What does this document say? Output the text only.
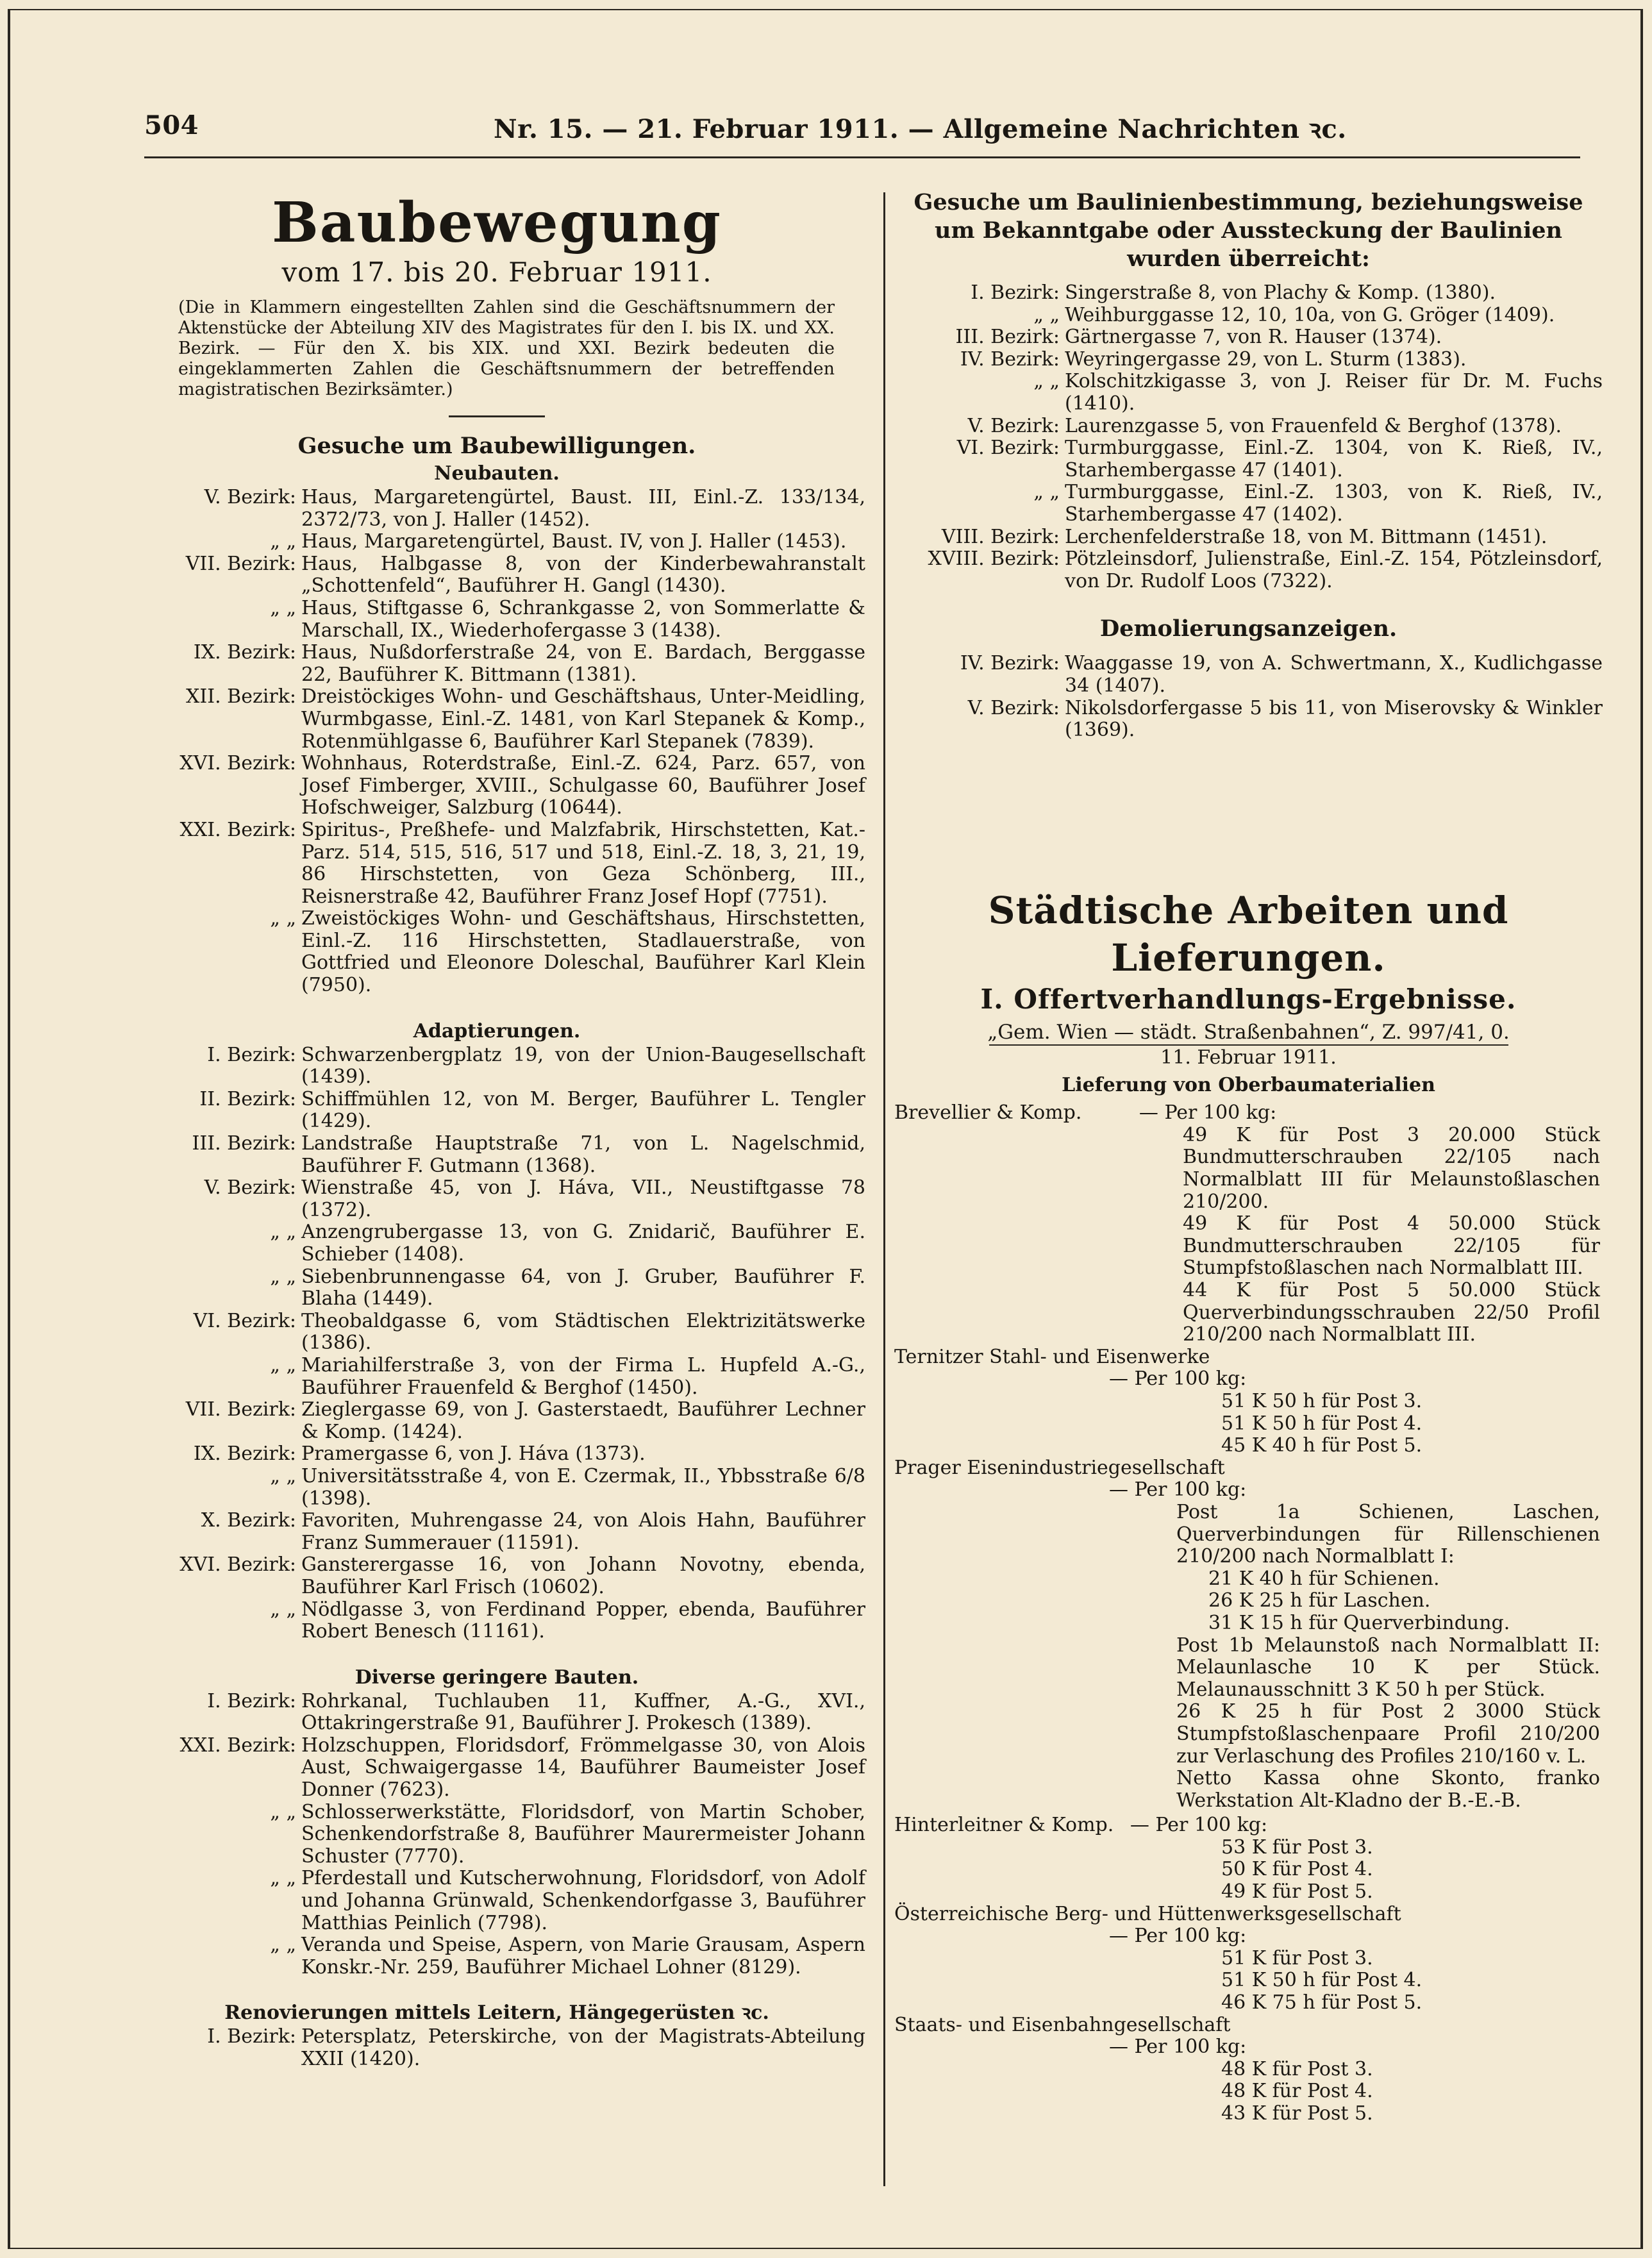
504	Nr. 15. — 21. Februar 1911. — Allgemeine Nachrichten ꝛc.
Baubewegung
vom 17. bis 20. Februar 1911.
(Die in Klammern eingestellten Zahlen sind die Geschäftsnummern der Aktenstücke der Abteilung XIV des Magistrates für den I. bis IX. und XX. Bezirk. — Für den X. bis XIX. und XXI. Bezirk bedeuten die eingeklammerten Zahlen die Geschäftsnummern der betreffenden magistratischen Bezirksämter.)
Gesuche um Baubewilligungen.
Neubauten.
V. Bezirk: Haus, Margaretengürtel, Baust. III, Einl.-Z. 133/134, 2372/73, von J. Haller (1452).
„ „ Haus, Margaretengürtel, Baust. IV, von J. Haller (1453).
VII. Bezirk: Haus, Halbgasse 8, von der Kinderbewahranstalt „Schottenfeld“, Bauführer H. Gangl (1430).
„ „ Haus, Stiftgasse 6, Schrankgasse 2, von Sommerlatte & Marschall, IX., Wiederhofergasse 3 (1438).
IX. Bezirk: Haus, Nußdorferstraße 24, von E. Bardach, Berggasse 22, Bauführer K. Bittmann (1381).
XII. Bezirk: Dreistöckiges Wohn- und Geschäftshaus, Unter-Meidling, Wurmbgasse, Einl.-Z. 1481, von Karl Stepanek & Komp., Rotenmühlgasse 6, Bauführer Karl Stepanek (7839).
XVI. Bezirk: Wohnhaus, Roterdstraße, Einl.-Z. 624, Parz. 657, von Josef Fimberger, XVIII., Schulgasse 60, Bauführer Josef Hofschweiger, Salzburg (10644).
XXI. Bezirk: Spiritus-, Preßhefe- und Malzfabrik, Hirschstetten, Kat.-Parz. 514, 515, 516, 517 und 518, Einl.-Z. 18, 3, 21, 19, 86 Hirschstetten, von Geza Schönberg, III., Reisnerstraße 42, Bauführer Franz Josef Hopf (7751).
„ „ Zweistöckiges Wohn- und Geschäftshaus, Hirschstetten, Einl.-Z. 116 Hirschstetten, Stadlauerstraße, von Gottfried und Eleonore Doleschal, Bauführer Karl Klein (7950).
Adaptierungen.
I. Bezirk: Schwarzenbergplatz 19, von der Union-Baugesellschaft (1439).
II. Bezirk: Schiffmühlen 12, von M. Berger, Bauführer L. Tengler (1429).
III. Bezirk: Landstraße Hauptstraße 71, von L. Nagelschmid, Bauführer F. Gutmann (1368).
V. Bezirk: Wienstraße 45, von J. Háva, VII., Neustiftgasse 78 (1372).
„ „ Anzengrubergasse 13, von G. Znidarič, Bauführer E. Schieber (1408).
„ „ Siebenbrunnengasse 64, von J. Gruber, Bauführer F. Blaha (1449).
VI. Bezirk: Theobaldgasse 6, vom Städtischen Elektrizitätswerke (1386).
„ „ Mariahilferstraße 3, von der Firma L. Hupfeld A.-G., Bauführer Frauenfeld & Berghof (1450).
VII. Bezirk: Zieglergasse 69, von J. Gasterstaedt, Bauführer Lechner & Komp. (1424).
IX. Bezirk: Pramergasse 6, von J. Háva (1373).
„ „ Universitätsstraße 4, von E. Czermak, II., Ybbsstraße 6/8 (1398).
X. Bezirk: Favoriten, Muhrengasse 24, von Alois Hahn, Bauführer Franz Summerauer (11591).
XVI. Bezirk: Gansterergasse 16, von Johann Novotny, ebenda, Bauführer Karl Frisch (10602).
„ „ Nödlgasse 3, von Ferdinand Popper, ebenda, Bauführer Robert Benesch (11161).
Diverse geringere Bauten.
I. Bezirk: Rohrkanal, Tuchlauben 11, Kuffner, A.-G., XVI., Ottakringerstraße 91, Bauführer J. Prokesch (1389).
XXI. Bezirk: Holzschuppen, Floridsdorf, Frömmelgasse 30, von Alois Aust, Schwaigergasse 14, Bauführer Baumeister Josef Donner (7623).
„ „ Schlosserwerkstätte, Floridsdorf, von Martin Schober, Schenkendorfstraße 8, Bauführer Maurermeister Johann Schuster (7770).
„ „ Pferdestall und Kutscherwohnung, Floridsdorf, von Adolf und Johanna Grünwald, Schenkendorfgasse 3, Bauführer Matthias Peinlich (7798).
„ „ Veranda und Speise, Aspern, von Marie Grausam, Aspern Konskr.-Nr. 259, Bauführer Michael Lohner (8129).
Renovierungen mittels Leitern, Hängegerüsten ꝛc.
I. Bezirk: Petersplatz, Peterskirche, von der Magistrats-Abteilung XXII (1420).
Gesuche um Baulinienbestimmung, beziehungsweise um Bekanntgabe oder Aussteckung der Baulinien wurden überreicht:
I. Bezirk: Singerstraße 8, von Plachy & Komp. (1380).
„ „ Weihburggasse 12, 10, 10a, von G. Gröger (1409).
III. Bezirk: Gärtnergasse 7, von R. Hauser (1374).
IV. Bezirk: Weyringergasse 29, von L. Sturm (1383).
„ „ Kolschitzkigasse 3, von J. Reiser für Dr. M. Fuchs (1410).
V. Bezirk: Laurenzgasse 5, von Frauenfeld & Berghof (1378).
VI. Bezirk: Turmburggasse, Einl.-Z. 1304, von K. Rieß, IV., Starhembergasse 47 (1401).
„ „ Turmburggasse, Einl.-Z. 1303, von K. Rieß, IV., Starhembergasse 47 (1402).
VIII. Bezirk: Lerchenfelderstraße 18, von M. Bittmann (1451).
XVIII. Bezirk: Pötzleinsdorf, Julienstraße, Einl.-Z. 154, Pötzleinsdorf, von Dr. Rudolf Loos (7322).
Demolierungsanzeigen.
IV. Bezirk: Waaggasse 19, von A. Schwertmann, X., Kudlichgasse 34 (1407).
V. Bezirk: Nikolsdorfergasse 5 bis 11, von Miserovsky & Winkler (1369).
Städtische Arbeiten und Lieferungen.
I. Offertverhandlungs-Ergebnisse.
„Gem. Wien — städt. Straßenbahnen“, Z. 997/41, 0.
11. Februar 1911.
Lieferung von Oberbaumaterialien
Brevellier & Komp.	— Per 100 kg:
49 K für Post 3 20.000 Stück Bundmutterschrauben 22/105 nach Normalblatt III für Melaunstoßlaschen 210/200.
49 K für Post 4 50.000 Stück Bundmutterschrauben 22/105 für Stumpfstoßlaschen nach Normalblatt III.
44 K für Post 5 50.000 Stück Querverbindungsschrauben 22/50 Profil 210/200 nach Normalblatt III.
Ternitzer Stahl- und Eisenwerke
— Per 100 kg:
51 K 50 h für Post 3.
51 K 50 h für Post 4.
45 K 40 h für Post 5.
Prager Eisenindustriegesellschaft
— Per 100 kg:
Post 1a Schienen, Laschen, Querverbindungen für Rillenschienen 210/200 nach Normalblatt I:
21 K 40 h für Schienen.
26 K 25 h für Laschen.
31 K 15 h für Querverbindung.
Post 1b Melaunstoß nach Normalblatt II: Melaunlasche 10 K per Stück. Melaunausschnitt 3 K 50 h per Stück.
26 K 25 h für Post 2 3000 Stück Stumpfstoßlaschenpaare Profil 210/200 zur Verlaschung des Profiles 210/160 v. L.
Netto Kassa ohne Skonto, franko Werkstation Alt-Kladno der B.-E.-B.
Hinterleitner & Komp. — Per 100 kg:
53 K für Post 3.
50 K für Post 4.
49 K für Post 5.
Österreichische Berg- und Hüttenwerksgesellschaft
— Per 100 kg:
51 K für Post 3.
51 K 50 h für Post 4.
46 K 75 h für Post 5.
Staats- und Eisenbahngesellschaft
— Per 100 kg:
48 K für Post 3.
48 K für Post 4.
43 K für Post 5.
